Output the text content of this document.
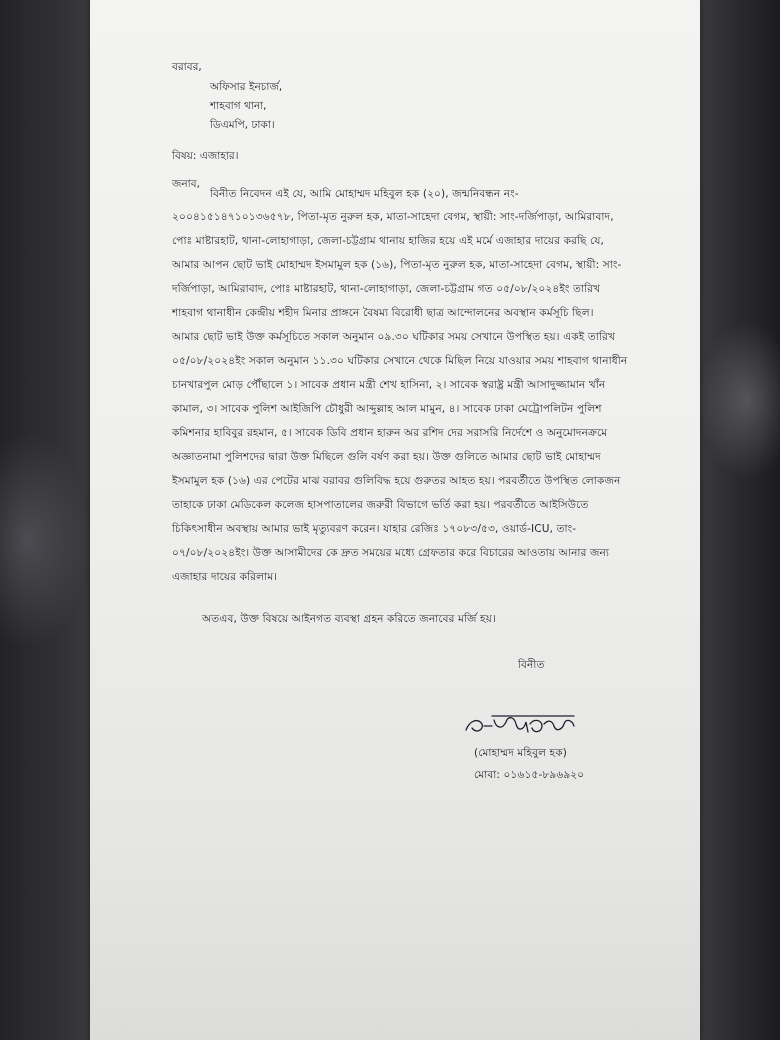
বরাবর,
অফিসার ইনচার্জ,
শাহবাগ থানা,
ডিএমপি, ঢাকা।
বিষয়: এজাহার।
জনাব,
বিনীত নিবেদন এই যে, আমি মোহাম্মদ মহিবুল হক (২০), জন্মনিবন্ধন নং-
২০০৪১৫১৪৭১০১৩৬৫৭৮, পিতা-মৃত নুরুল হক, মাতা-সাহেদা বেগম, স্থায়ী: সাং-দর্জিপাড়া, আমিরাবাদ,
পোঃ মাষ্টারহাট, থানা-লোহাগাড়া, জেলা-চট্টগ্রাম থানায় হাজির হয়ে এই মর্মে এজাহার দায়ের করছি যে,
আমার আপন ছোট ভাই মোহাম্মদ ইসমামুল হক (১৬), পিতা-মৃত নুরুল হক, মাতা-সাহেদা বেগম, স্থায়ী: সাং-
দর্জিপাড়া, আমিরাবাদ, পোঃ মাষ্টারহাট, থানা-লোহাগাড়া, জেলা-চট্টগ্রাম গত ০৫/০৮/২০২৪ইং তারিখ
শাহবাগ থানাধীন কেন্দ্রীয় শহীদ মিনার প্রাঙ্গনে বৈষম্য বিরোধী ছাত্র আন্দোলনের অবস্থান কর্মসূচি ছিল।
আমার ছোট ভাই উক্ত কর্মসূচিতে সকাল অনুমান ০৯.৩০ ঘটিকার সময় সেখানে উপস্থিত হয়। একই তারিখ
০৫/০৮/২০২৪ইং সকাল অনুমান ১১.৩০ ঘটিকার সেখানে থেকে মিছিল নিয়ে যাওয়ার সময় শাহবাগ থানাধীন
চানখারপুল মোড় পৌঁছালে ১। সাবেক প্রধান মন্ত্রী শেখ হাসিনা, ২। সাবেক স্বরাষ্ট্র মন্ত্রী আসাদুজ্জামান খাঁন
কামাল, ৩। সাবেক পুলিশ আইজিপি চৌধুরী আব্দুল্লাহ আল মামুন, ৪। সাবেক ঢাকা মেট্রোপলিটন পুলিশ
কমিশনার হাবিবুর রহমান, ৫। সাবেক ডিবি প্রধান হারুন অর রশিদ দের সরাসরি নির্দেশে ও অনুমোদনক্রমে
অজ্ঞাতনামা পুলিশদের দ্বারা উক্ত মিছিলে গুলি বর্ষণ করা হয়। উক্ত গুলিতে আমার ছোট ভাই মোহাম্মদ
ইসমামুল হক (১৬) এর পেটের মাঝ বরাবর গুলিবিদ্ধ হয়ে গুরুতর আহত হয়। পরবর্তীতে উপস্থিত লোকজন
তাহাকে ঢাকা মেডিকেল কলেজ হাসপাতালের জরুরী বিভাগে ভর্তি করা হয়। পরবর্তীতে আইসিউতে
চিকিৎসাধীন অবস্থায় আমার ভাই মৃত্যুবরণ করেন। যাহার রেজিঃ ১৭০৮৩/৫৩, ওয়ার্ড-ICU, তাং-
০৭/০৮/২০২৪ইং। উক্ত আসামীদের কে দ্রুত সময়ের মধ্যে গ্রেফতার করে বিচারের আওতায় আনার জন্য
এজাহার দায়ের করিলাম।
অতএব, উক্ত বিষয়ে আইনগত ব্যবস্থা গ্রহন করিতে জনাবের মর্জি হয়।
বিনীত
(মোহাম্মদ মহিবুল হক)
মোবা: ০১৬১৫-৮৯৬৯২০
